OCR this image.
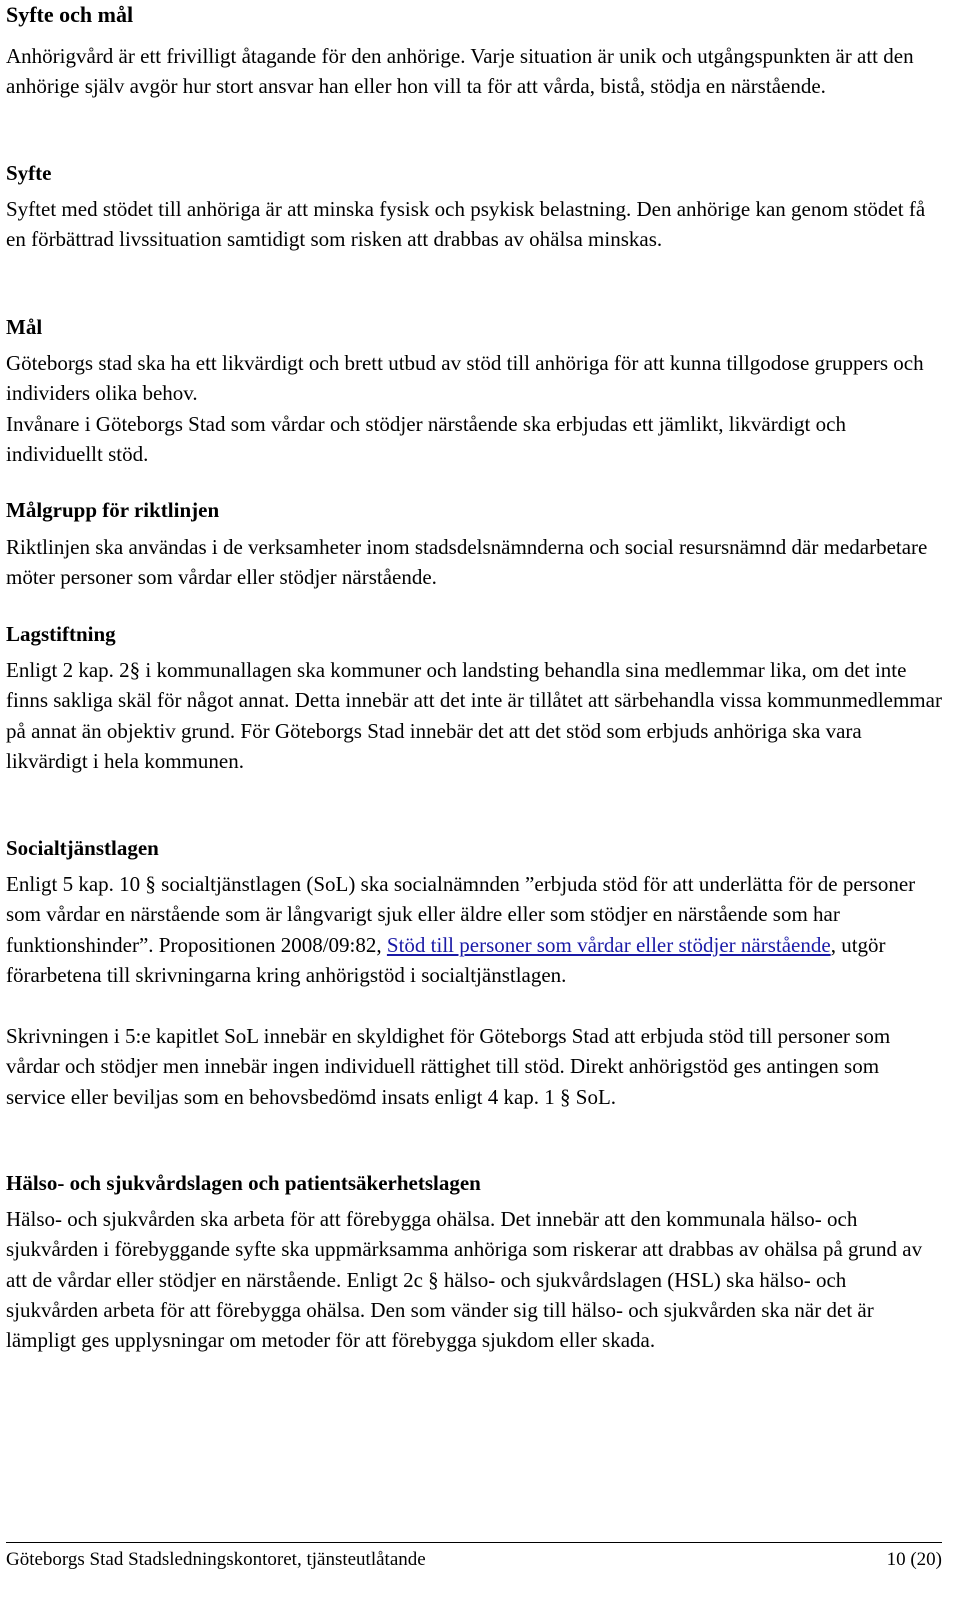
Syfte och mål

Anhörigvård är ett frivilligt åtagande för den anhörige. Varje situation är unik och utgångspunkten är att den anhörige själv avgör hur stort ansvar han eller hon vill ta för att vårda, bistå, stödja en närstående.

Syfte

Syftet med stödet till anhöriga är att minska fysisk och psykisk belastning. Den anhörige kan genom stödet få en förbättrad livssituation samtidigt som risken att drabbas av ohälsa minskas.

Mål

Göteborgs stad ska ha ett likvärdigt och brett utbud av stöd till anhöriga för att kunna tillgodose gruppers och individers olika behov.

Invånare i Göteborgs Stad som vårdar och stödjer närstående ska erbjudas ett jämlikt, likvärdigt och individuellt stöd.

Målgrupp för riktlinjen

Riktlinjen ska användas i de verksamheter inom stadsdelsnämnderna och social resursnämnd där medarbetare möter personer som vårdar eller stödjer närstående.

Lagstiftning

Enligt 2 kap. 2§ i kommunallagen ska kommuner och landsting behandla sina medlemmar lika, om det inte finns sakliga skäl för något annat. Detta innebär att det inte är tillåtet att särbehandla vissa kommunmedlemmar på annat än objektiv grund. För Göteborgs Stad innebär det att det stöd som erbjuds anhöriga ska vara likvärdigt i hela kommunen.

Socialtjänstlagen

Enligt 5 kap. 10 § socialtjänstlagen (SoL) ska socialnämnden ”erbjuda stöd för att underlätta för de personer som vårdar en närstående som är långvarigt sjuk eller äldre eller som stödjer en närstående som har funktionshinder”. Propositionen 2008/09:82, Stöd till personer som vårdar eller stödjer närstående, utgör förarbetena till skrivningarna kring anhörigstöd i socialtjänstlagen.

Skrivningen i 5:e kapitlet SoL innebär en skyldighet för Göteborgs Stad att erbjuda stöd till personer som vårdar och stödjer men innebär ingen individuell rättighet till stöd. Direkt anhörigstöd ges antingen som service eller beviljas som en behovsbedömd insats enligt 4 kap. 1 § SoL.

Hälso- och sjukvårdslagen och patientsäkerhetslagen

Hälso- och sjukvården ska arbeta för att förebygga ohälsa. Det innebär att den kommunala hälso- och sjukvården i förebyggande syfte ska uppmärksamma anhöriga som riskerar att drabbas av ohälsa på grund av att de vårdar eller stödjer en närstående. Enligt 2c § hälso- och sjukvårdslagen (HSL) ska hälso- och sjukvården arbeta för att förebygga ohälsa. Den som vänder sig till hälso- och sjukvården ska när det är lämpligt ges upplysningar om metoder för att förebygga sjukdom eller skada.

Göteborgs Stad Stadsledningskontoret, tjänsteutlåtande	10 (20)
